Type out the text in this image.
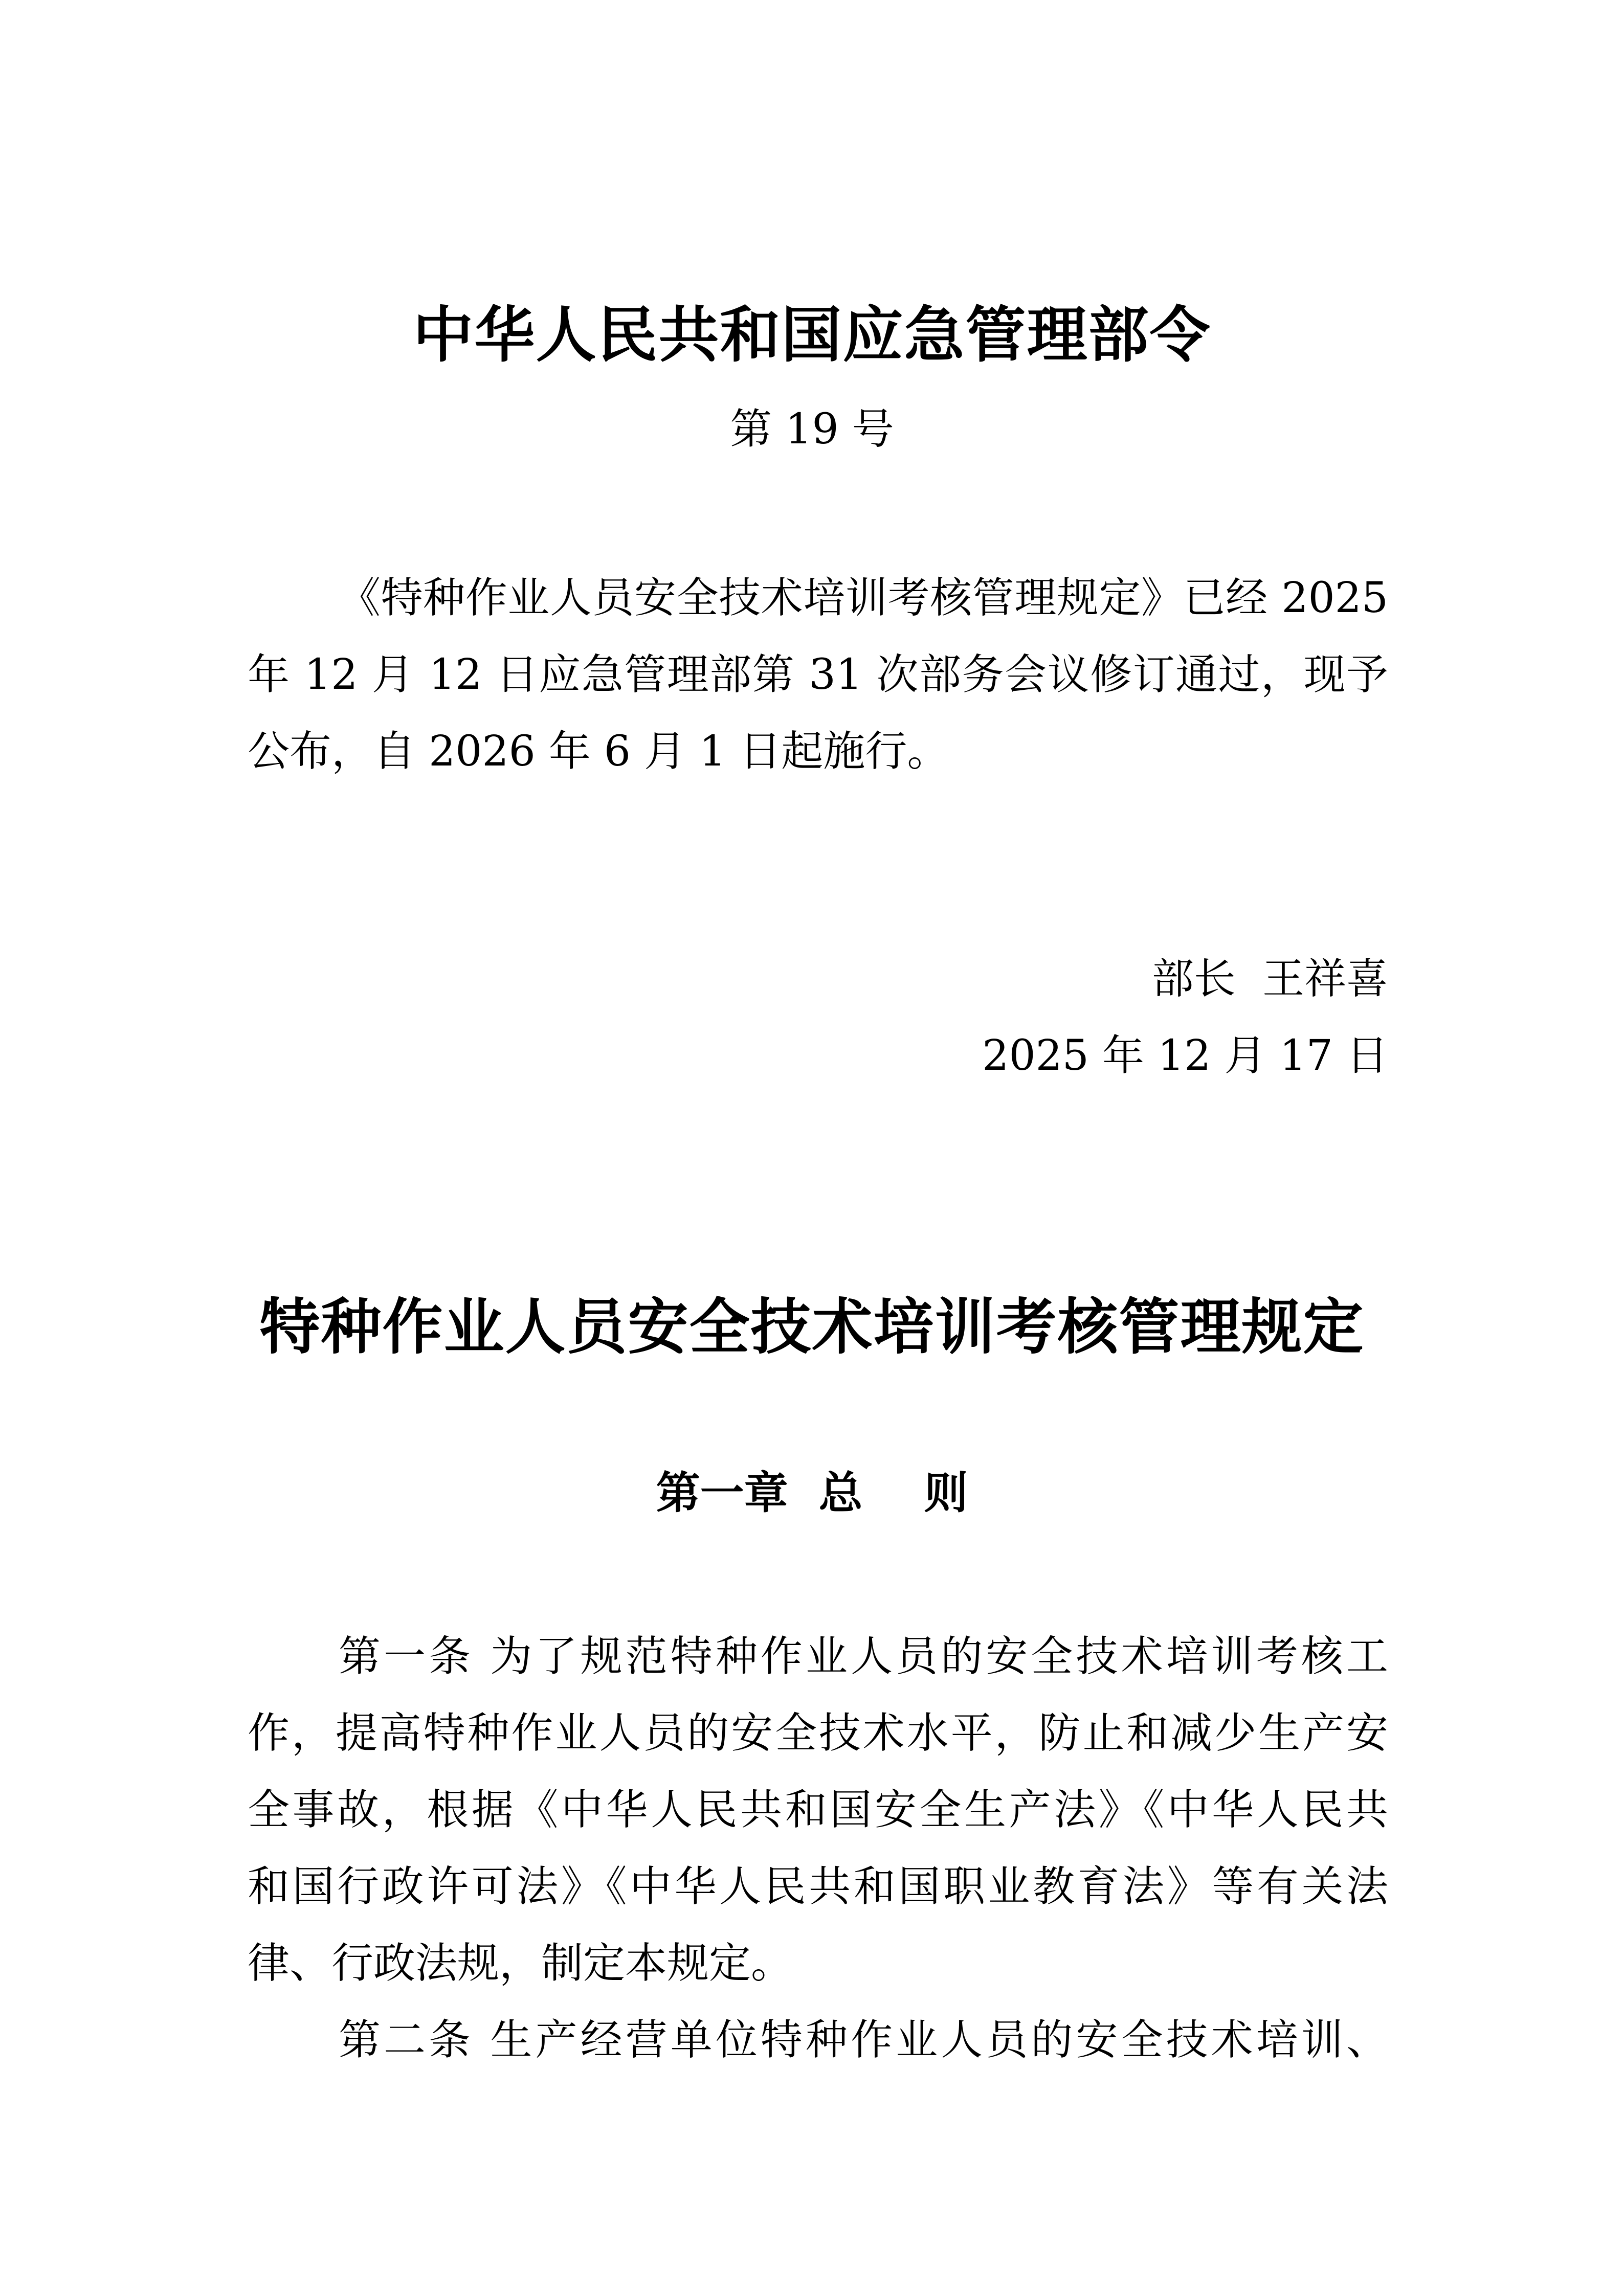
中华人民共和国应急管理部令
第 19 号
《特种作业人员安全技术培训考核管理规定》已经 2025
年 12 月 12 日应急管理部第 31 次部务会议修订通过，现予
公布，自 2026 年 6 月 1 日起施行。
部长  王祥喜
2025 年 12 月 17 日
特种作业人员安全技术培训考核管理规定
第一章  总    则
第一条 为了规范特种作业人员的安全技术培训考核工
作，提高特种作业人员的安全技术水平，防止和减少生产安
全事故，根据《中华人民共和国安全生产法》《中华人民共
和国行政许可法》《中华人民共和国职业教育法》等有关法
律、行政法规，制定本规定。
第二条 生产经营单位特种作业人员的安全技术培训、
